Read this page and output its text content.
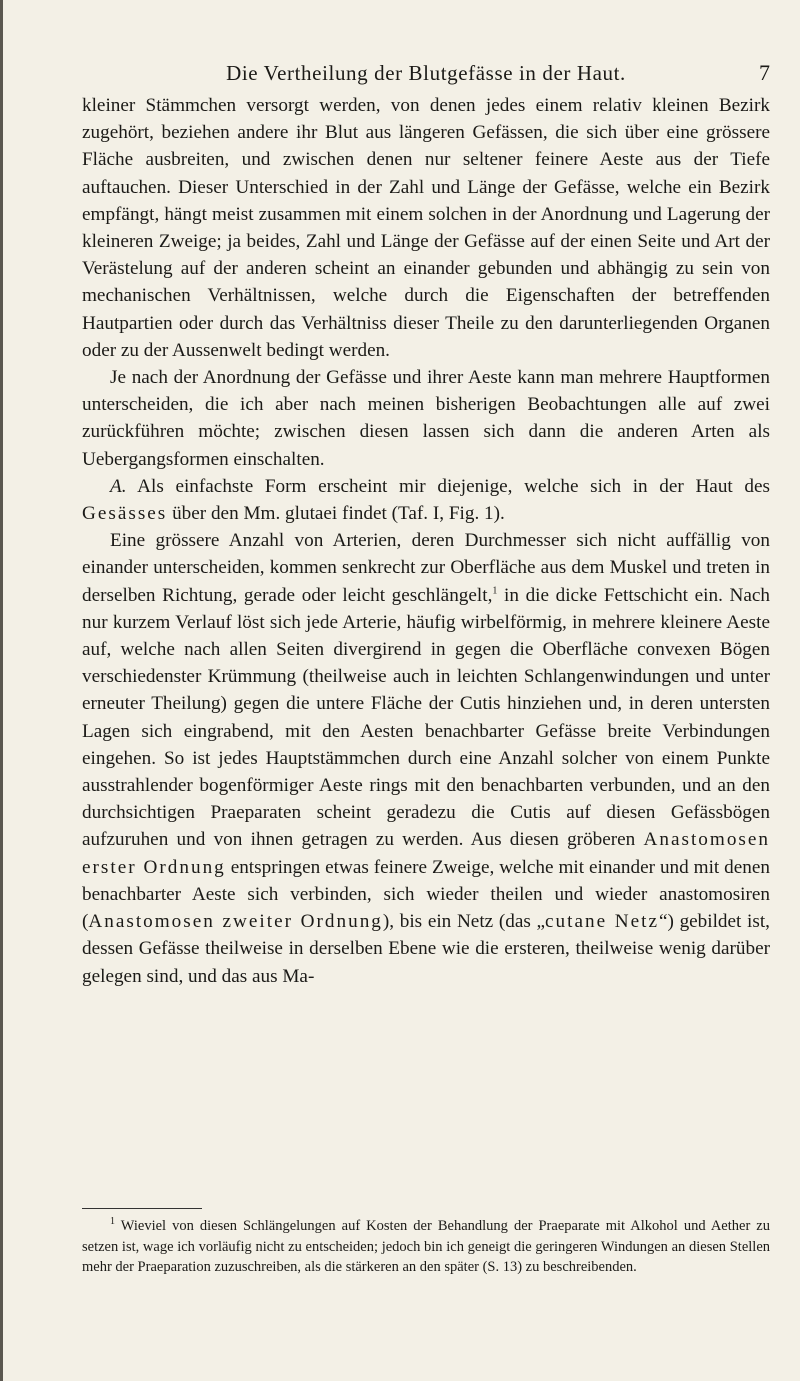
Die Vertheilung der Blutgefässe in der Haut.	7

kleiner Stämmchen versorgt werden, von denen jedes einem relativ kleinen Bezirk zugehört, beziehen andere ihr Blut aus längeren Gefässen, die sich über eine grössere Fläche ausbreiten, und zwischen denen nur seltener feinere Aeste aus der Tiefe auftauchen. Dieser Unterschied in der Zahl und Länge der Gefässe, welche ein Bezirk empfängt, hängt meist zusammen mit einem solchen in der Anordnung und Lagerung der kleineren Zweige; ja beides, Zahl und Länge der Gefässe auf der einen Seite und Art der Verästelung auf der anderen scheint an einander gebunden und abhängig zu sein von mechanischen Verhältnissen, welche durch die Eigenschaften der betreffenden Hautpartien oder durch das Verhältniss dieser Theile zu den darunterliegenden Organen oder zu der Aussenwelt bedingt werden.

Je nach der Anordnung der Gefässe und ihrer Aeste kann man mehrere Hauptformen unterscheiden, die ich aber nach meinen bisherigen Beobachtungen alle auf zwei zurückführen möchte; zwischen diesen lassen sich dann die anderen Arten als Uebergangsformen einschalten.

A. Als einfachste Form erscheint mir diejenige, welche sich in der Haut des Gesässes über den Mm. glutaei findet (Taf. I, Fig. 1).

Eine grössere Anzahl von Arterien, deren Durchmesser sich nicht auffällig von einander unterscheiden, kommen senkrecht zur Oberfläche aus dem Muskel und treten in derselben Richtung, gerade oder leicht geschlängelt,$^1$ in die dicke Fettschicht ein. Nach nur kurzem Verlauf löst sich jede Arterie, häufig wirbelförmig, in mehrere kleinere Aeste auf, welche nach allen Seiten divergirend in gegen die Oberfläche convexen Bögen verschiedenster Krümmung (theilweise auch in leichten Schlangenwindungen und unter erneuter Theilung) gegen die untere Fläche der Cutis hinziehen und, in deren untersten Lagen sich eingrabend, mit den Aesten benachbarter Gefässe breite Verbindungen eingehen. So ist jedes Hauptstämmchen durch eine Anzahl solcher von einem Punkte ausstrahlender bogenförmiger Aeste rings mit den benachbarten verbunden, und an den durchsichtigen Praeparaten scheint geradezu die Cutis auf diesen Gefässbögen aufzuruhen und von ihnen getragen zu werden. Aus diesen gröberen Anastomosen erster Ordnung entspringen etwas feinere Zweige, welche mit einander und mit denen benachbarter Aeste sich verbinden, sich wieder theilen und wieder anastomosiren (Anastomosen zweiter Ordnung), bis ein Netz (das „cutane Netz“) gebildet ist, dessen Gefässe theilweise in derselben Ebene wie die ersteren, theilweise wenig darüber gelegen sind, und das aus Ma-

$^1$ Wieviel von diesen Schlängelungen auf Kosten der Behandlung der Praeparate mit Alkohol und Aether zu setzen ist, wage ich vorläufig nicht zu entscheiden; jedoch bin ich geneigt die geringeren Windungen an diesen Stellen mehr der Praeparation zuzuschreiben, als die stärkeren an den später (S. 13) zu beschreibenden.
